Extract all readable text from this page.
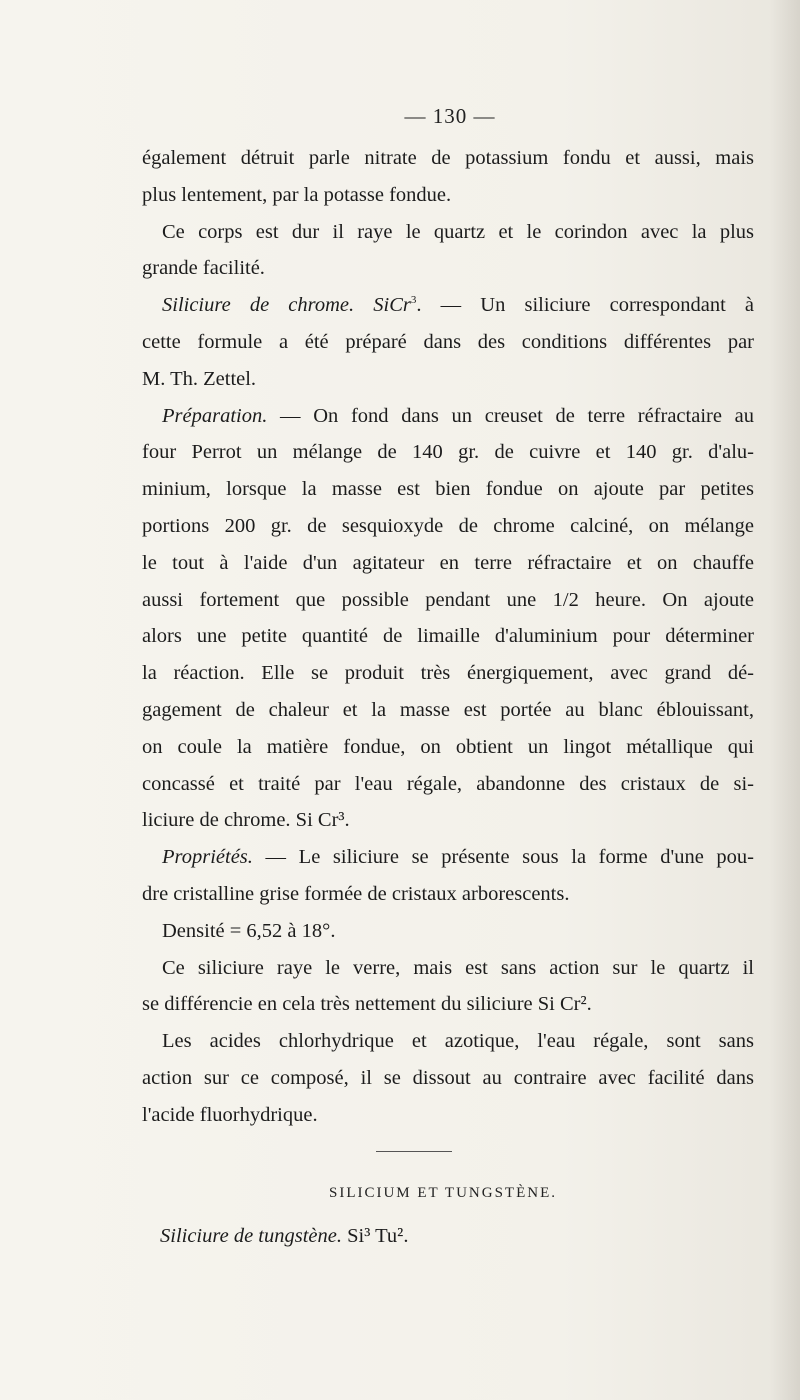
— 130 —
également détruit parle nitrate de potassium fondu et aussi, mais
plus lentement, par la potasse fondue.
Ce corps est dur il raye le quartz et le corindon avec la plus
grande facilité.
Siliciure de chrome. SiCr$^3$. — Un siliciure correspondant à
cette formule a été préparé dans des conditions différentes par
M. Th. Zettel.
Préparation. — On fond dans un creuset de terre réfractaire au
four Perrot un mélange de 140 gr. de cuivre et 140 gr. d'alu-
minium, lorsque la masse est bien fondue on ajoute par petites
portions 200 gr. de sesquioxyde de chrome calciné, on mélange
le tout à l'aide d'un agitateur en terre réfractaire et on chauffe
aussi fortement que possible pendant une 1/2 heure. On ajoute
alors une petite quantité de limaille d'aluminium pour déterminer
la réaction. Elle se produit très énergiquement, avec grand dé-
gagement de chaleur et la masse est portée au blanc éblouissant,
on coule la matière fondue, on obtient un lingot métallique qui
concassé et traité par l'eau régale, abandonne des cristaux de si-
liciure de chrome. Si Cr³.
Propriétés. — Le siliciure se présente sous la forme d'une pou-
dre cristalline grise formée de cristaux arborescents.
Densité = 6,52 à 18°.
Ce siliciure raye le verre, mais est sans action sur le quartz il
se différencie en cela très nettement du siliciure Si Cr².
Les acides chlorhydrique et azotique, l'eau régale, sont sans
action sur ce composé, il se dissout au contraire avec facilité dans
l'acide fluorhydrique.
SILICIUM ET TUNGSTÈNE.
Siliciure de tungstène. Si³ Tu².
